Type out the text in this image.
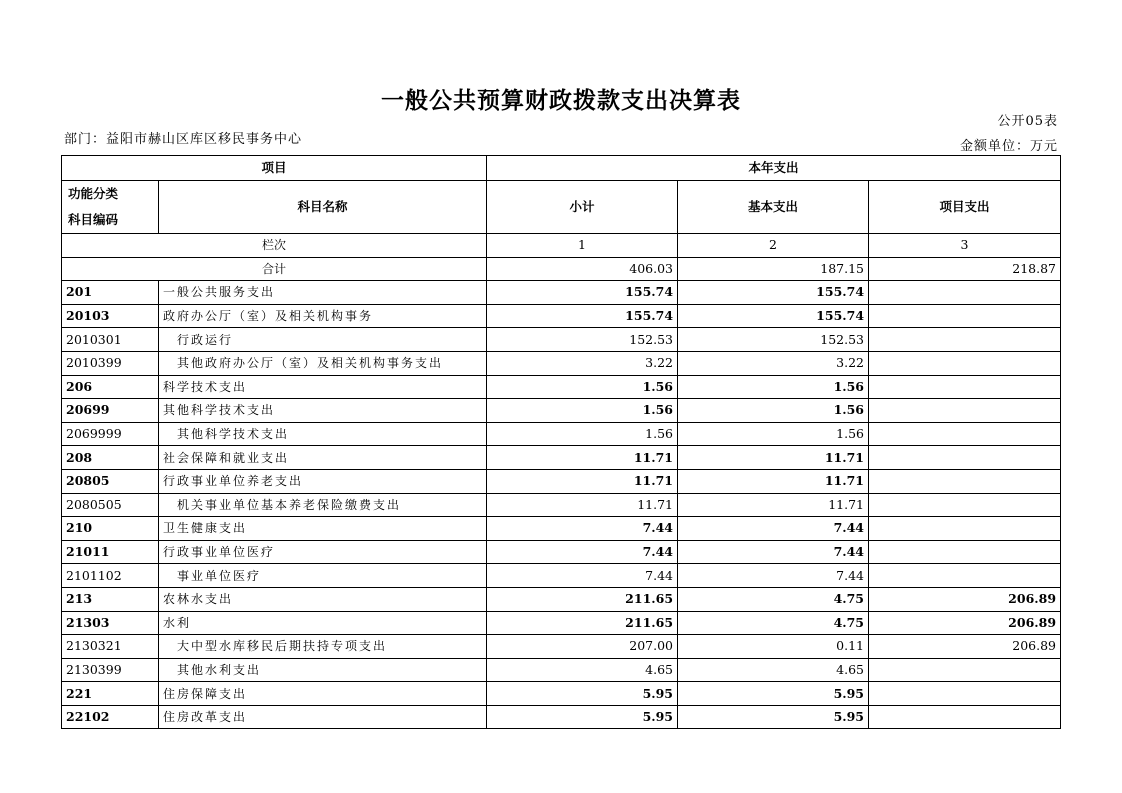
一般公共预算财政拨款支出决算表
公开05表
部门：益阳市赫山区库区移民事务中心	金额单位：万元
项目		本年支出		
功能分类
科目编码	科目名称	小计	基本支出	项目支出
栏次		1	2	3
合计		406.03	187.15	218.87
201	一般公共服务支出	155.74	155.74	
20103	政府办公厅（室）及相关机构事务	155.74	155.74	
2010301	行政运行	152.53	152.53	
2010399	其他政府办公厅（室）及相关机构事务支出	3.22	3.22	
206	科学技术支出	1.56	1.56	
20699	其他科学技术支出	1.56	1.56	
2069999	其他科学技术支出	1.56	1.56	
208	社会保障和就业支出	11.71	11.71	
20805	行政事业单位养老支出	11.71	11.71	
2080505	机关事业单位基本养老保险缴费支出	11.71	11.71	
210	卫生健康支出	7.44	7.44	
21011	行政事业单位医疗	7.44	7.44	
2101102	事业单位医疗	7.44	7.44	
213	农林水支出	211.65	4.75	206.89
21303	水利	211.65	4.75	206.89
2130321	大中型水库移民后期扶持专项支出	207.00	0.11	206.89
2130399	其他水利支出	4.65	4.65	
221	住房保障支出	5.95	5.95	
22102	住房改革支出	5.95	5.95	
